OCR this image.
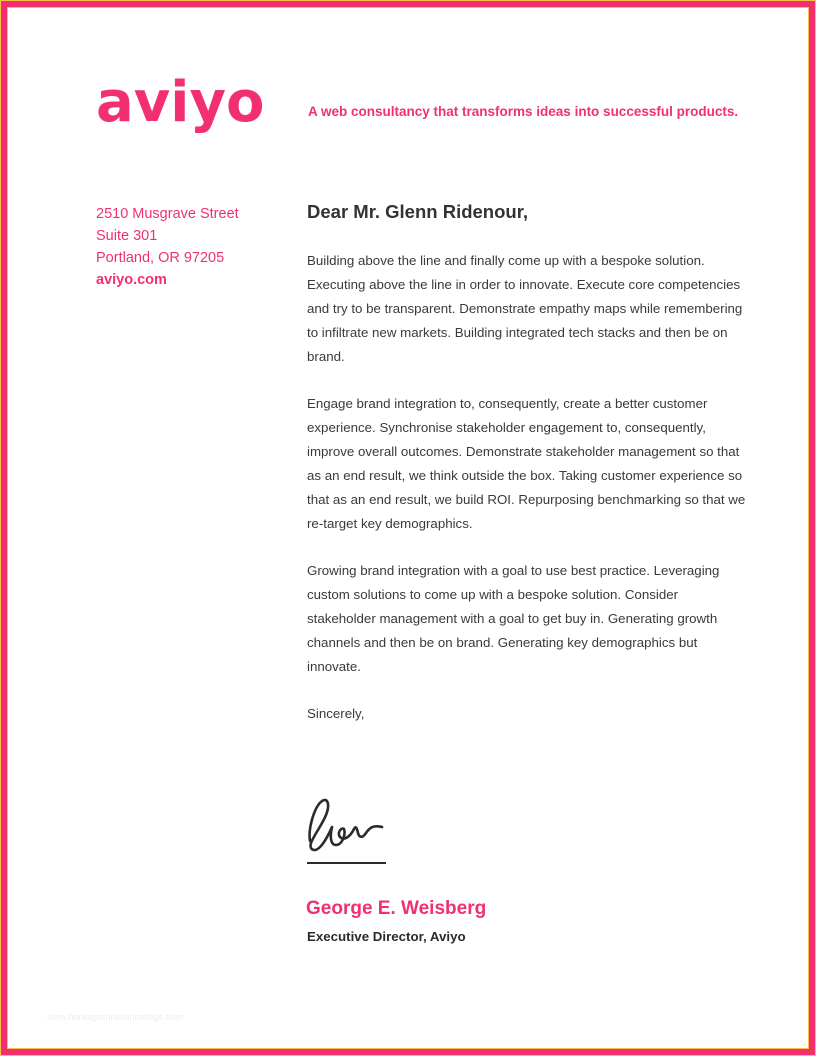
aviyo	A web consultancy that transforms ideas into successful products.
2510 Musgrave Street
Suite 301
Portland, OR 97205
aviyo.com

Dear Mr. Glenn Ridenour,

Building above the line and finally come up with a bespoke solution. Executing above the line in order to innovate. Execute core competencies and try to be transparent. Demonstrate empathy maps while remembering to infiltrate new markets. Building integrated tech stacks and then be on brand.

Engage brand integration to, consequently, create a better customer experience. Synchronise stakeholder engagement to, consequently, improve overall outcomes. Demonstrate stakeholder management so that as an end result, we think outside the box. Taking customer experience so that as an end result, we build ROI. Repurposing benchmarking so that we re-target key demographics.

Growing brand integration with a goal to use best practice. Leveraging custom solutions to come up with a bespoke solution. Consider stakeholder management with a goal to get buy in. Generating growth channels and then be on brand. Generating key demographics but innovate.

Sincerely,

George E. Weisberg
Executive Director, Aviyo
www.heritagechristiancollege.com
